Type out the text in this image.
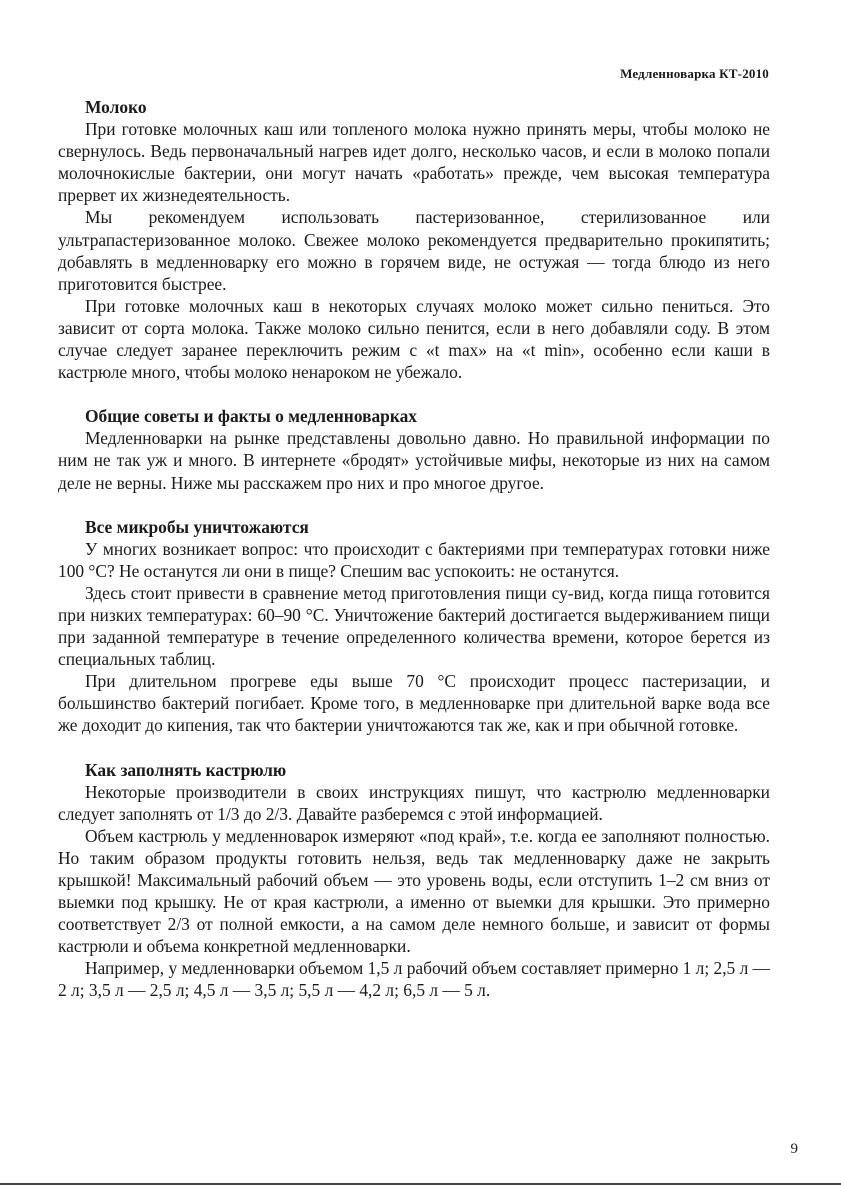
Медленноварка КТ-2010

Молоко

При готовке молочных каш или топленого молока нужно принять меры, чтобы молоко не свернулось. Ведь первоначальный нагрев идет долго, несколько часов, и если в молоко попали молочнокислые бактерии, они могут начать «работать» прежде, чем высокая температура прервет их жизнедеятельность.

Мы рекомендуем использовать пастеризованное, стерилизованное или ультрапастеризованное молоко. Свежее молоко рекомендуется предварительно прокипятить; добавлять в медленноварку его можно в горячем виде, не остужая — тогда блюдо из него приготовится быстрее.

При готовке молочных каш в некоторых случаях молоко может сильно пениться. Это зависит от сорта молока. Также молоко сильно пенится, если в него добавляли соду. В этом случае следует заранее переключить режим с «t max» на «t min», особенно если каши в кастрюле много, чтобы молоко ненароком не убежало.

Общие советы и факты о медленноварках

Медленноварки на рынке представлены довольно давно. Но правильной информации по ним не так уж и много. В интернете «бродят» устойчивые мифы, некоторые из них на самом деле не верны. Ниже мы расскажем про них и про многое другое.

Все микробы уничтожаются

У многих возникает вопрос: что происходит с бактериями при температурах готовки ниже 100 °C? Не останутся ли они в пище? Спешим вас успокоить: не останутся.

Здесь стоит привести в сравнение метод приготовления пищи су-вид, когда пища готовится при низких температурах: 60–90 °C. Уничтожение бактерий достигается выдерживанием пищи при заданной температуре в течение определенного количества времени, которое берется из специальных таблиц.

При длительном прогреве еды выше 70 °C происходит процесс пастеризации, и большинство бактерий погибает. Кроме того, в медленноварке при длительной варке вода все же доходит до кипения, так что бактерии уничтожаются так же, как и при обычной готовке.

Как заполнять кастрюлю

Некоторые производители в своих инструкциях пишут, что кастрюлю медленноварки следует заполнять от 1/3 до 2/3. Давайте разберемся с этой информацией.

Объем кастрюль у медленноварок измеряют «под край», т.е. когда ее заполняют полностью. Но таким образом продукты готовить нельзя, ведь так медленноварку даже не закрыть крышкой! Максимальный рабочий объем — это уровень воды, если отступить 1–2 см вниз от выемки под крышку. Не от края кастрюли, а именно от выемки для крышки. Это примерно соответствует 2/3 от полной емкости, а на самом деле немного больше, и зависит от формы кастрюли и объема конкретной медленноварки.

Например, у медленноварки объемом 1,5 л рабочий объем составляет примерно 1 л; 2,5 л — 2 л; 3,5 л — 2,5 л; 4,5 л — 3,5 л; 5,5 л — 4,2 л; 6,5 л — 5 л.

9
